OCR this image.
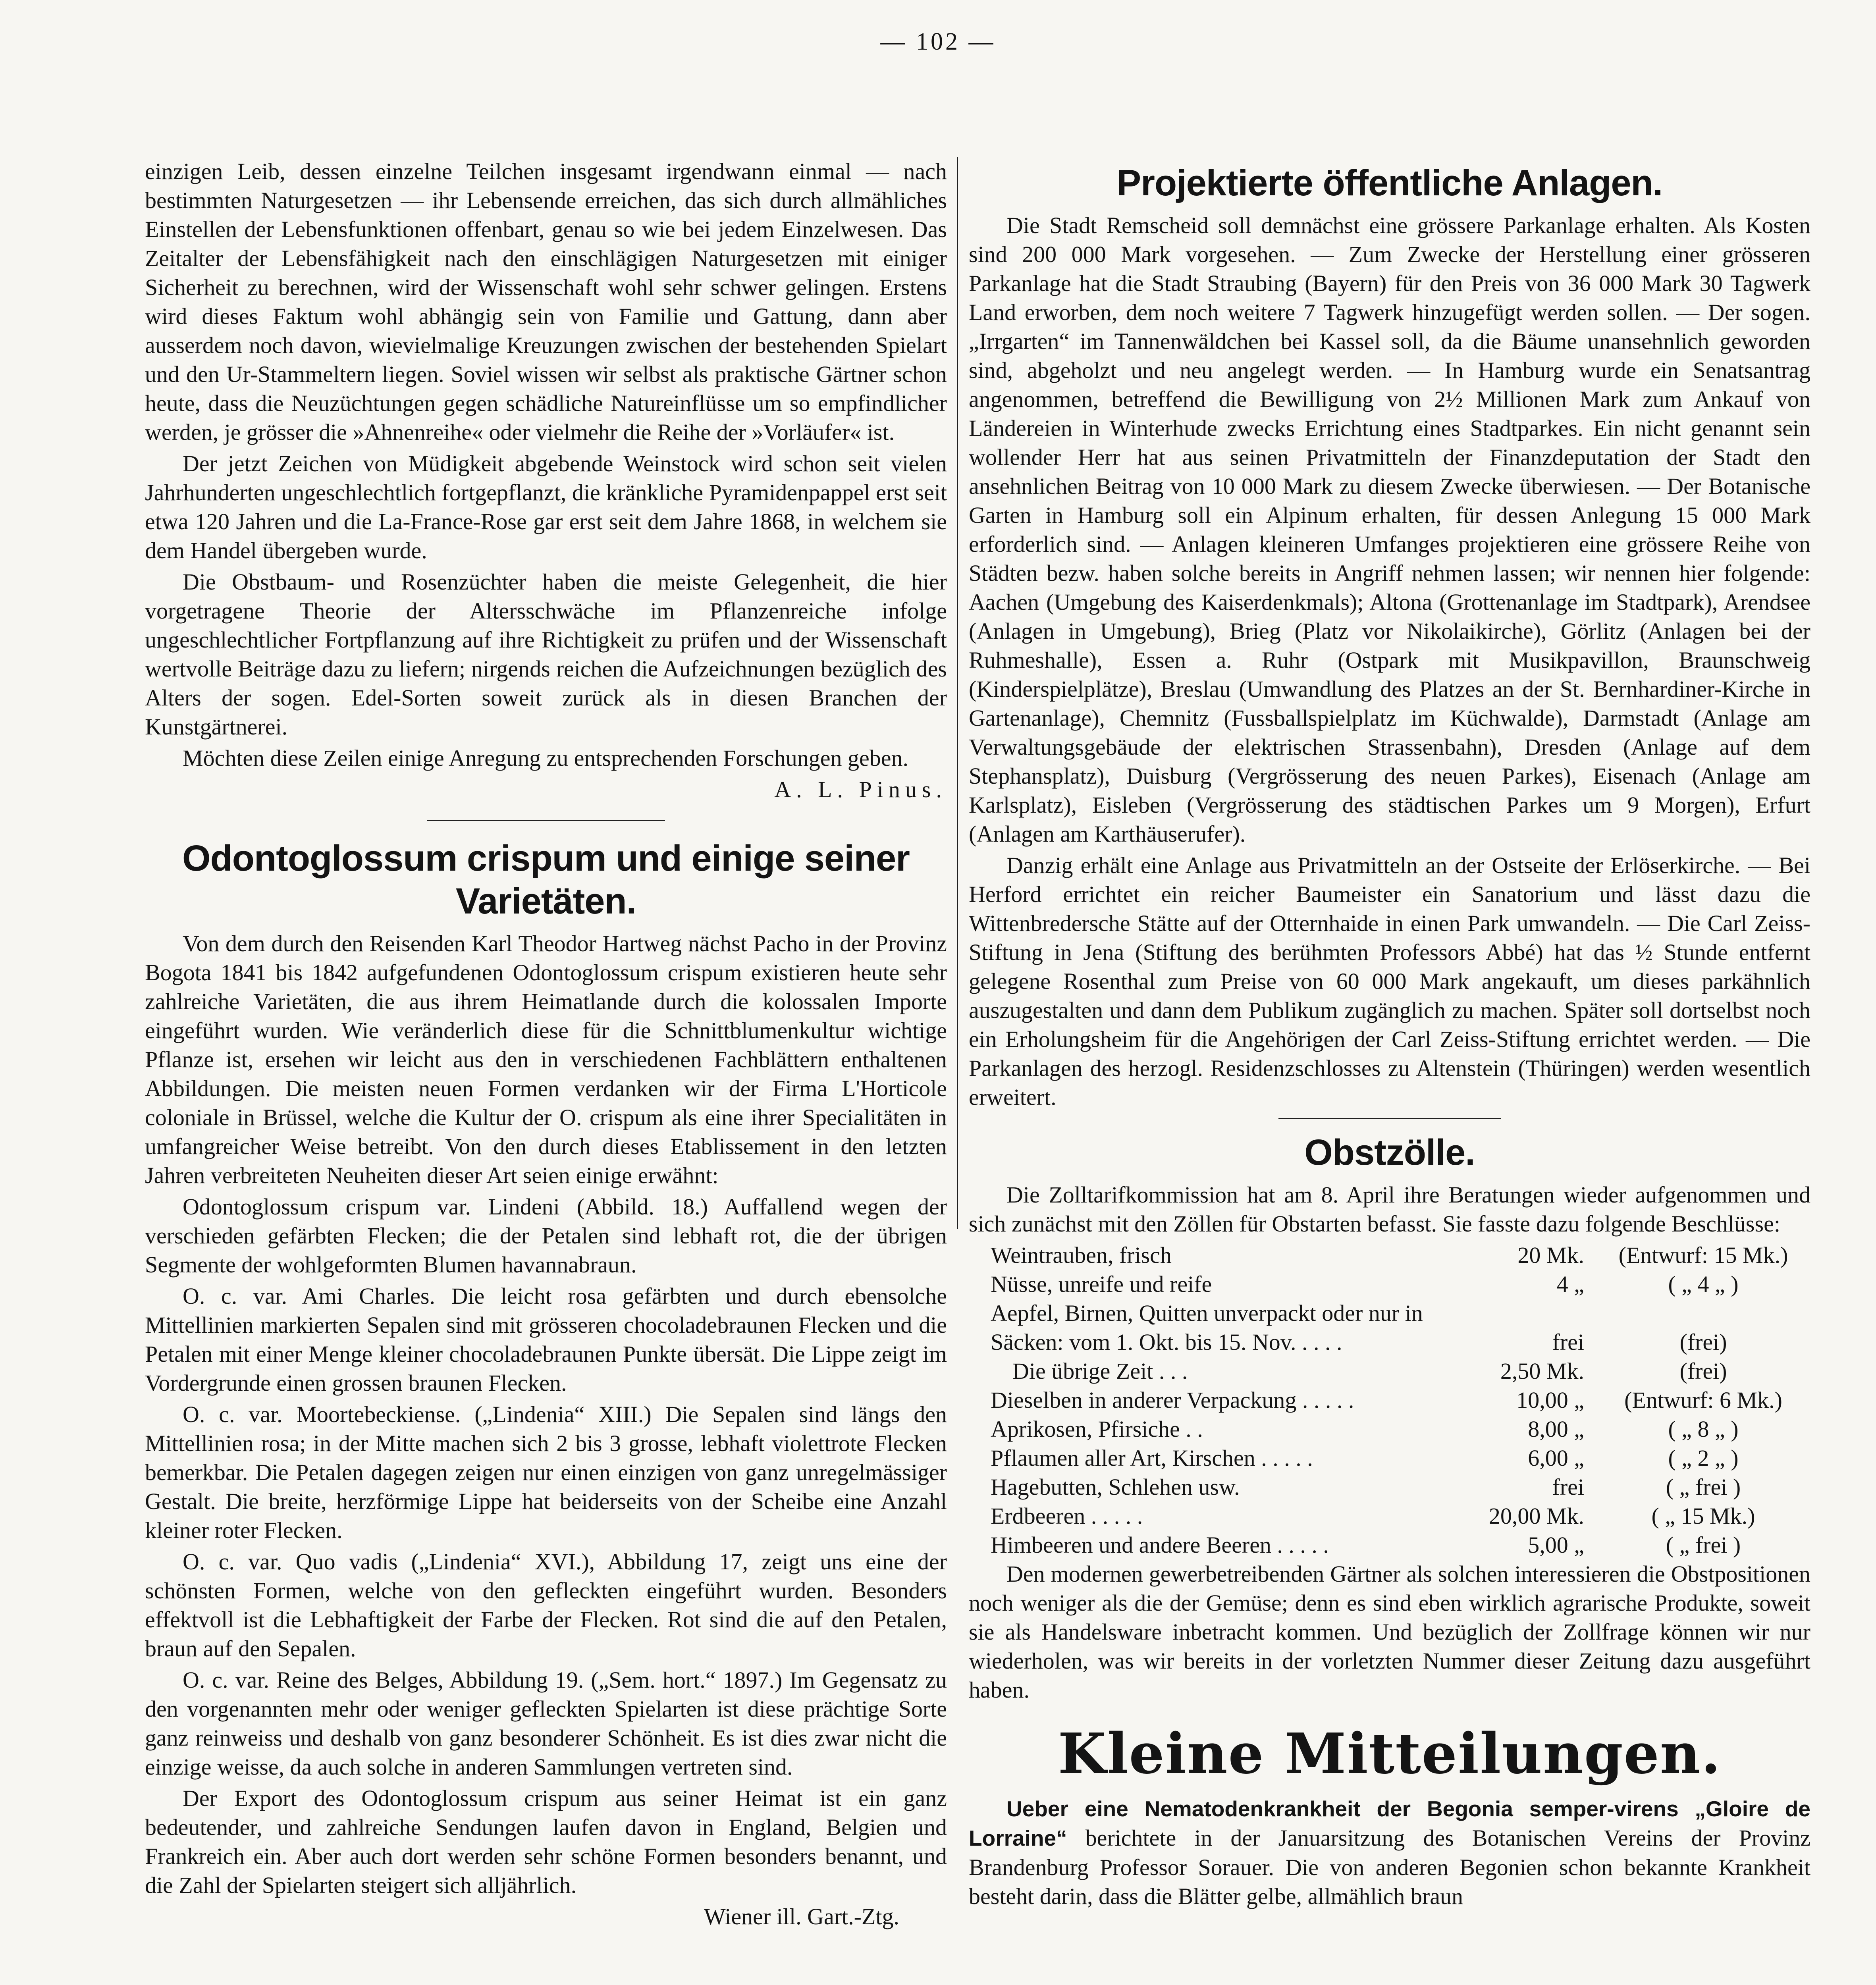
— 102 —

einzigen Leib, dessen einzelne Teilchen insgesamt irgendwann einmal — nach bestimmten Naturgesetzen — ihr Lebensende erreichen, das sich durch allmähliches Einstellen der Lebensfunktionen offenbart, genau so wie bei jedem Einzelwesen. Das Zeitalter der Lebensfähigkeit nach den einschlägigen Naturgesetzen mit einiger Sicherheit zu berechnen, wird der Wissenschaft wohl sehr schwer gelingen. Erstens wird dieses Faktum wohl abhängig sein von Familie und Gattung, dann aber ausserdem noch davon, wievielmalige Kreuzungen zwischen der bestehenden Spielart und den Ur-Stammeltern liegen. Soviel wissen wir selbst als praktische Gärtner schon heute, dass die Neuzüchtungen gegen schädliche Natureinflüsse um so empfindlicher werden, je grösser die »Ahnenreihe« oder vielmehr die Reihe der »Vorläufer« ist.

Der jetzt Zeichen von Müdigkeit abgebende Weinstock wird schon seit vielen Jahrhunderten ungeschlechtlich fortgepflanzt, die kränkliche Pyramidenpappel erst seit etwa 120 Jahren und die La-France-Rose gar erst seit dem Jahre 1868, in welchem sie dem Handel übergeben wurde.

Die Obstbaum- und Rosenzüchter haben die meiste Gelegenheit, die hier vorgetragene Theorie der Altersschwäche im Pflanzenreiche infolge ungeschlechtlicher Fortpflanzung auf ihre Richtigkeit zu prüfen und der Wissenschaft wertvolle Beiträge dazu zu liefern; nirgends reichen die Aufzeichnungen bezüglich des Alters der sogen. Edel-Sorten soweit zurück als in diesen Branchen der Kunstgärtnerei.

Möchten diese Zeilen einige Anregung zu entsprechenden Forschungen geben.

A. L. Pinus.

Odontoglossum crispum und einige seiner Varietäten.

Von dem durch den Reisenden Karl Theodor Hartweg nächst Pacho in der Provinz Bogota 1841 bis 1842 aufgefundenen Odontoglossum crispum existieren heute sehr zahlreiche Varietäten, die aus ihrem Heimatlande durch die kolossalen Importe eingeführt wurden. Wie veränderlich diese für die Schnittblumenkultur wichtige Pflanze ist, ersehen wir leicht aus den in verschiedenen Fachblättern enthaltenen Abbildungen. Die meisten neuen Formen verdanken wir der Firma L'Horticole coloniale in Brüssel, welche die Kultur der O. crispum als eine ihrer Specialitäten in umfangreicher Weise betreibt. Von den durch dieses Etablissement in den letzten Jahren verbreiteten Neuheiten dieser Art seien einige erwähnt:

Odontoglossum crispum var. Lindeni (Abbild. 18.) Auffallend wegen der verschieden gefärbten Flecken; die der Petalen sind lebhaft rot, die der übrigen Segmente der wohlgeformten Blumen havannabraun.

O. c. var. Ami Charles. Die leicht rosa gefärbten und durch ebensolche Mittellinien markierten Sepalen sind mit grösseren chocoladebraunen Flecken und die Petalen mit einer Menge kleiner chocoladebraunen Punkte übersät. Die Lippe zeigt im Vordergrunde einen grossen braunen Flecken.

O. c. var. Moortebeckiense. („Lindenia“ XIII.) Die Sepalen sind längs den Mittellinien rosa; in der Mitte machen sich 2 bis 3 grosse, lebhaft violettrote Flecken bemerkbar. Die Petalen dagegen zeigen nur einen einzigen von ganz unregelmässiger Gestalt. Die breite, herzförmige Lippe hat beiderseits von der Scheibe eine Anzahl kleiner roter Flecken.

O. c. var. Quo vadis („Lindenia“ XVI.), Abbildung 17, zeigt uns eine der schönsten Formen, welche von den gefleckten eingeführt wurden. Besonders effektvoll ist die Lebhaftigkeit der Farbe der Flecken. Rot sind die auf den Petalen, braun auf den Sepalen.

O. c. var. Reine des Belges, Abbildung 19. („Sem. hort.“ 1897.) Im Gegensatz zu den vorgenannten mehr oder weniger gefleckten Spielarten ist diese prächtige Sorte ganz reinweiss und deshalb von ganz besonderer Schönheit. Es ist dies zwar nicht die einzige weisse, da auch solche in anderen Sammlungen vertreten sind.

Der Export des Odontoglossum crispum aus seiner Heimat ist ein ganz bedeutender, und zahlreiche Sendungen laufen davon in England, Belgien und Frankreich ein. Aber auch dort werden sehr schöne Formen besonders benannt, und die Zahl der Spielarten steigert sich alljährlich.

Wiener ill. Gart.-Ztg.

Projektierte öffentliche Anlagen.

Die Stadt Remscheid soll demnächst eine grössere Parkanlage erhalten. Als Kosten sind 200 000 Mark vorgesehen. — Zum Zwecke der Herstellung einer grösseren Parkanlage hat die Stadt Straubing (Bayern) für den Preis von 36 000 Mark 30 Tagwerk Land erworben, dem noch weitere 7 Tagwerk hinzugefügt werden sollen. — Der sogen. „Irrgarten“ im Tannenwäldchen bei Kassel soll, da die Bäume unansehnlich geworden sind, abgeholzt und neu angelegt werden. — In Hamburg wurde ein Senatsantrag angenommen, betreffend die Bewilligung von 2½ Millionen Mark zum Ankauf von Ländereien in Winterhude zwecks Errichtung eines Stadtparkes. Ein nicht genannt sein wollender Herr hat aus seinen Privatmitteln der Finanzdeputation der Stadt den ansehnlichen Beitrag von 10 000 Mark zu diesem Zwecke überwiesen. — Der Botanische Garten in Hamburg soll ein Alpinum erhalten, für dessen Anlegung 15 000 Mark erforderlich sind. — Anlagen kleineren Umfanges projektieren eine grössere Reihe von Städten bezw. haben solche bereits in Angriff nehmen lassen; wir nennen hier folgende: Aachen (Umgebung des Kaiserdenkmals); Altona (Grottenanlage im Stadtpark), Arendsee (Anlagen in Umgebung), Brieg (Platz vor Nikolaikirche), Görlitz (Anlagen bei der Ruhmeshalle), Essen a. Ruhr (Ostpark mit Musikpavillon, Braunschweig (Kinderspielplätze), Breslau (Umwandlung des Platzes an der St. Bernhardiner-Kirche in Gartenanlage), Chemnitz (Fussballspielplatz im Küchwalde), Darmstadt (Anlage am Verwaltungsgebäude der elektrischen Strassenbahn), Dresden (Anlage auf dem Stephansplatz), Duisburg (Vergrösserung des neuen Parkes), Eisenach (Anlage am Karlsplatz), Eisleben (Vergrösserung des städtischen Parkes um 9 Morgen), Erfurt (Anlagen am Karthäuserufer).

Danzig erhält eine Anlage aus Privatmitteln an der Ostseite der Erlöserkirche. — Bei Herford errichtet ein reicher Baumeister ein Sanatorium und lässt dazu die Wittenbredersche Stätte auf der Otternhaide in einen Park umwandeln. — Die Carl Zeiss-Stiftung in Jena (Stiftung des berühmten Professors Abbé) hat das ½ Stunde entfernt gelegene Rosenthal zum Preise von 60 000 Mark angekauft, um dieses parkähnlich auszugestalten und dann dem Publikum zugänglich zu machen. Später soll dortselbst noch ein Erholungsheim für die Angehörigen der Carl Zeiss-Stiftung errichtet werden. — Die Parkanlagen des herzogl. Residenzschlosses zu Altenstein (Thüringen) werden wesentlich erweitert.

Obstzölle.

Die Zolltarifkommission hat am 8. April ihre Beratungen wieder aufgenommen und sich zunächst mit den Zöllen für Obstarten befasst. Sie fasste dazu folgende Beschlüsse:

Weintrauben, frisch	20 Mk.	(Entwurf: 15 Mk.)
Nüsse, unreife und reife	4 „	( „ 4 „ )
Aepfel, Birnen, Quitten unverpackt oder nur in Säcken: vom 1. Okt. bis 15. Nov. . . . .	frei	(frei)
Die übrige Zeit . . .	2,50 Mk.	(frei)
Dieselben in anderer Verpackung . . . . .	10,00 „	(Entwurf: 6 Mk.)
Aprikosen, Pfirsiche . .	8,00 „	( „ 8 „ )
Pflaumen aller Art, Kirschen . . . . .	6,00 „	( „ 2 „ )
Hagebutten, Schlehen usw.	frei	( „ frei )
Erdbeeren . . . . .	20,00 Mk.	( „ 15 Mk.)
Himbeeren und andere Beeren . . . . .	5,00 „	( „ frei )

Den modernen gewerbetreibenden Gärtner als solchen interessieren die Obstpositionen noch weniger als die der Gemüse; denn es sind eben wirklich agrarische Produkte, soweit sie als Handelsware inbetracht kommen. Und bezüglich der Zollfrage können wir nur wiederholen, was wir bereits in der vorletzten Nummer dieser Zeitung dazu ausgeführt haben.

Kleine Mitteilungen.

Ueber eine Nematodenkrankheit der Begonia semper-virens „Gloire de Lorraine“ berichtete in der Januarsitzung des Botanischen Vereins der Provinz Brandenburg Professor Sorauer. Die von anderen Begonien schon bekannte Krankheit besteht darin, dass die Blätter gelbe, allmählich braun
